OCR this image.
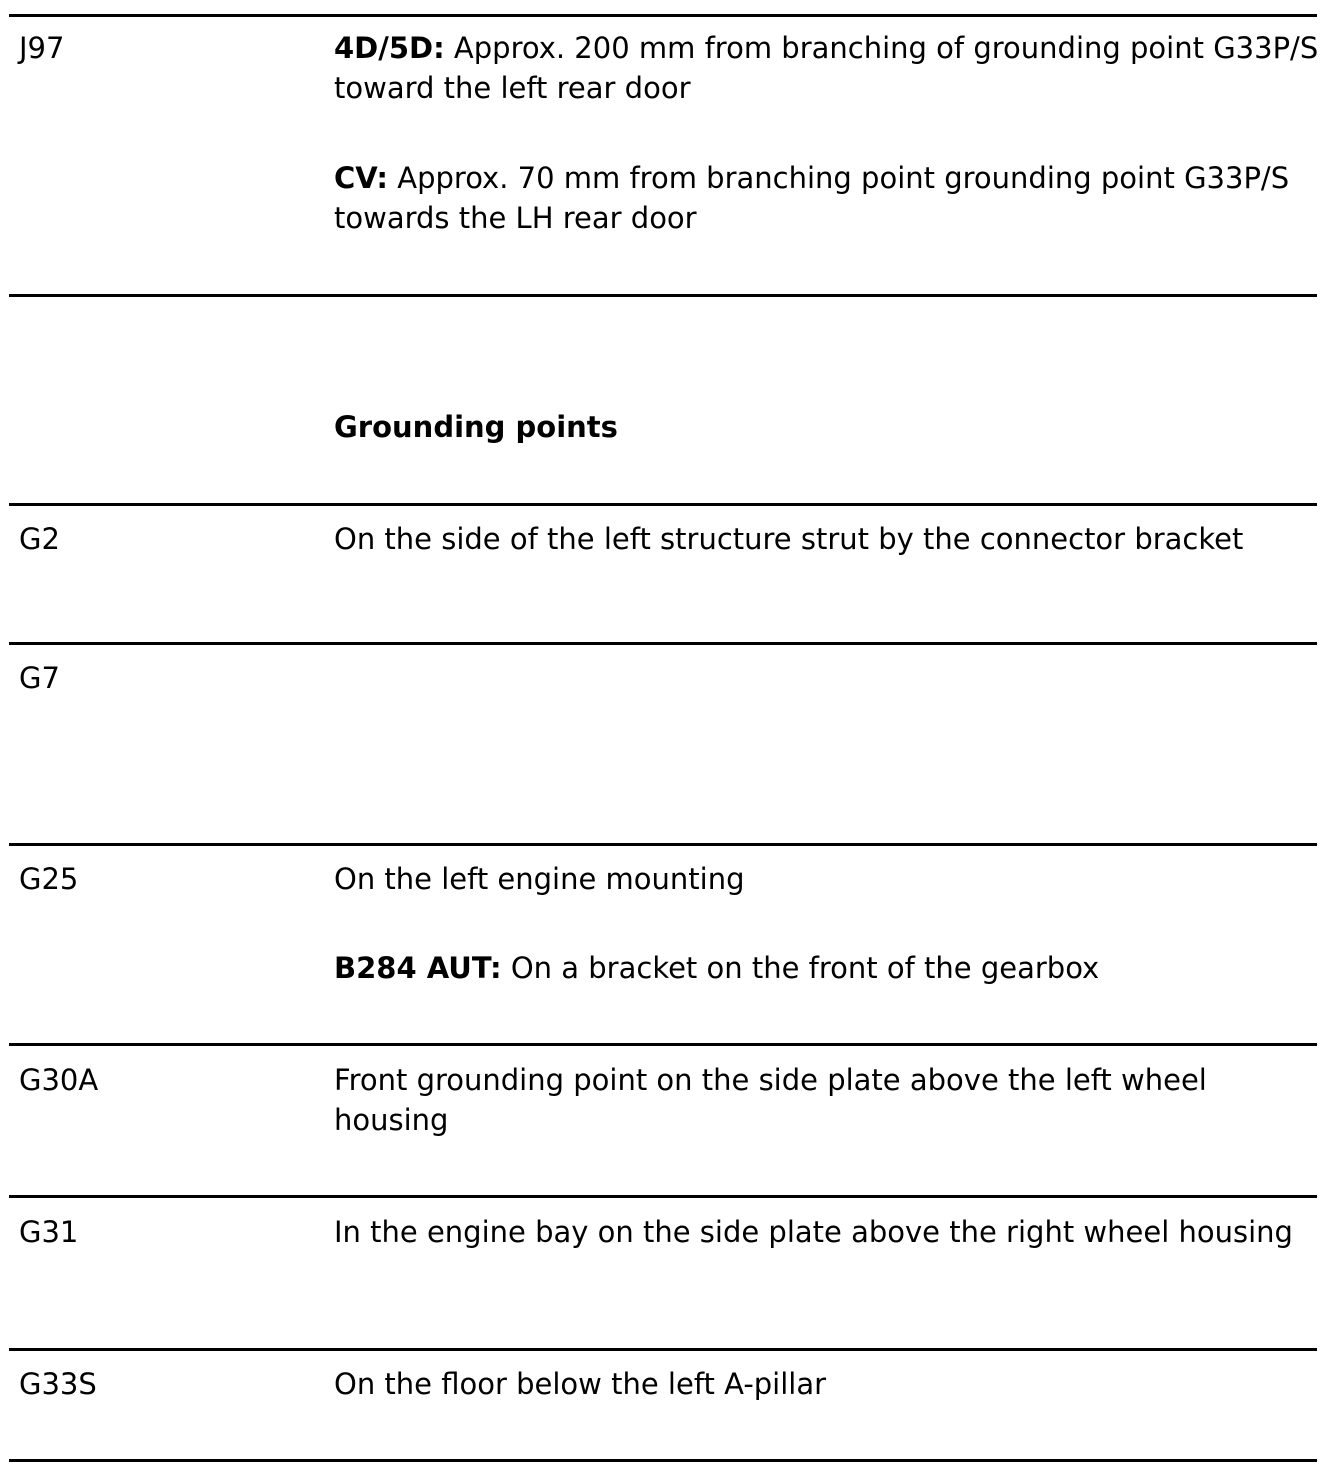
J97	4D/5D: Approx. 200 mm from branching of grounding point G33P/S toward the left rear door
CV: Approx. 70 mm from branching point grounding point G33P/S towards the LH rear door
Grounding points
G2	On the side of the left structure strut by the connector bracket
G7
G25	On the left engine mounting
B284 AUT: On a bracket on the front of the gearbox
G30A	Front grounding point on the side plate above the left wheel housing
G31	In the engine bay on the side plate above the right wheel housing
G33S	On the floor below the left A-pillar
